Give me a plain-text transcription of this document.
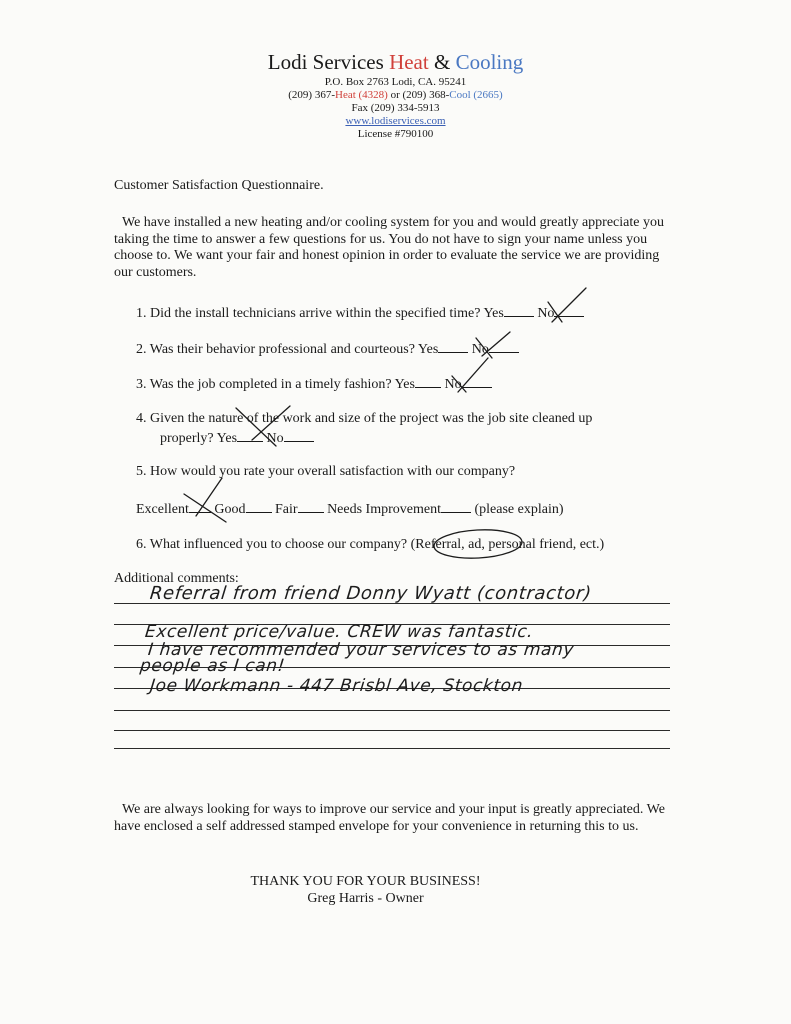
Lodi Services Heat & Cooling
P.O. Box 2763 Lodi, CA. 95241
(209) 367-Heat (4328) or (209) 368-Cool (2665)
Fax (209) 334-5913
www.lodiservices.com
License #790100
Customer Satisfaction Questionnaire.
We have installed a new heating and/or cooling system for you and would greatly appreciate you taking the time to answer a few questions for us. You do not have to sign your name unless you choose to. We want your fair and honest opinion in order to evaluate the service we are providing our customers.
1. Did the install technicians arrive within the specified time? Yes No
2. Was their behavior professional and courteous? Yes No
3. Was the job completed in a timely fashion? Yes No
4. Given the nature of the work and size of the project was the job site cleaned up
properly? Yes No
5. How would you rate your overall satisfaction with our company?
Excellent Good Fair Needs Improvement (please explain)
6. What influenced you to choose our company? (Referral, ad, personal friend, ect.)
Additional comments:
Referral from friend Donny Wyatt (contractor)
Excellent price/value. CREW was fantastic.
I have recommended your services to as many
people as I can!
Joe Workmann - 447 Brisbl Ave, Stockton
We are always looking for ways to improve our service and your input is greatly appreciated. We have enclosed a self addressed stamped envelope for your convenience in returning this to us.
THANK YOU FOR YOUR BUSINESS!
Greg Harris - Owner
